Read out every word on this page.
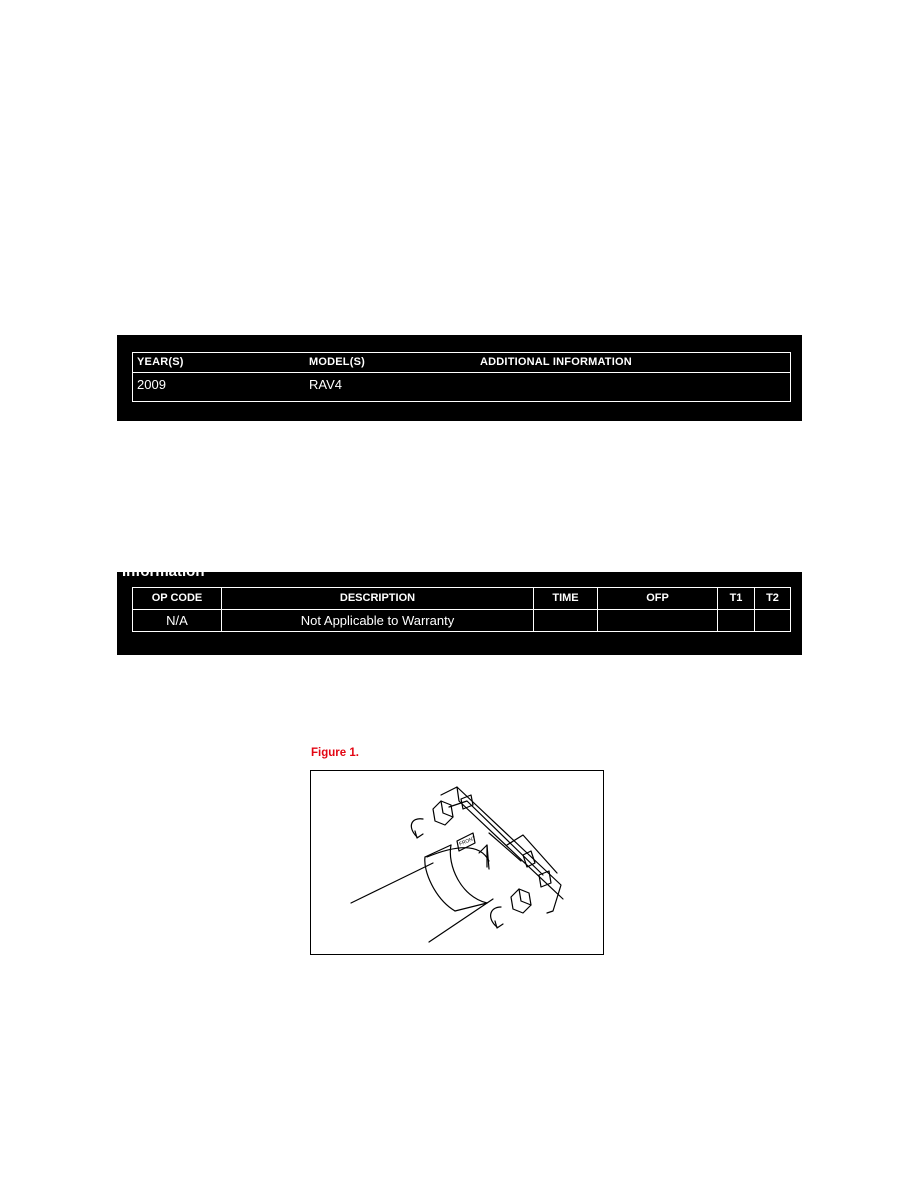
YEAR(S)	MODEL(S)	ADDITIONAL INFORMATION
2009	RAV4
Information
OP CODE	DESCRIPTION	TIME	OFP	T1	T2
N/A	Not Applicable to Warranty
Figure 1.
FRONT
